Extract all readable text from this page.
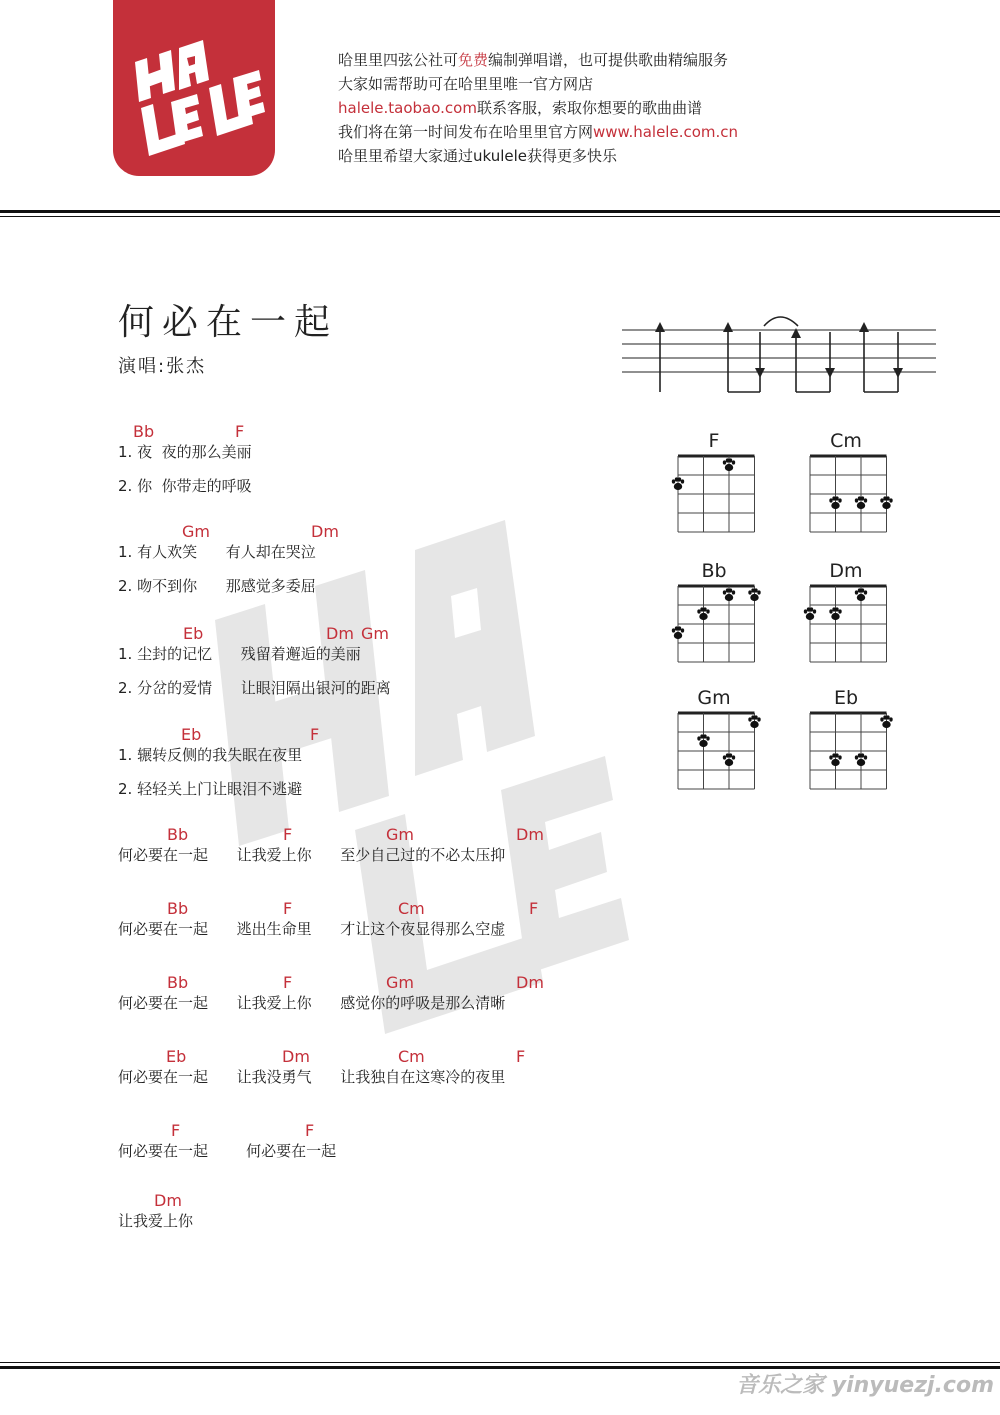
哈里里四弦公社可免费编制弹唱谱，也可提供歌曲精编服务
大家如需帮助可在哈里里唯一官方网店
halele.taobao.com联系客服，索取你想要的歌曲曲谱
我们将在第一时间发布在哈里里官方网www.halele.com.cn
哈里里希望大家通过ukulele获得更多快乐
何必在一起
演唱:张杰
F	Cm
Bb	Dm
Gm	Eb
Bb	F
1. 夜  夜的那么美丽
2. 你  你带走的呼吸
Gm	Dm
1. 有人欢笑      有人却在哭泣
2. 吻不到你      那感觉多委屈
Eb	Dm Gm
1. 尘封的记忆      残留着邂逅的美丽
2. 分岔的爱情      让眼泪隔出银河的距离
Eb	F
1. 辗转反侧的我失眠在夜里
2. 轻轻关上门让眼泪不逃避
Bb	F	Gm	Dm
何必要在一起      让我爱上你      至少自己过的不必太压抑
Bb	F	Cm	F
何必要在一起      逃出生命里      才让这个夜显得那么空虚
Bb	F	Gm	Dm
何必要在一起      让我爱上你      感觉你的呼吸是那么清晰
Eb	Dm	Cm	F
何必要在一起      让我没勇气      让我独自在这寒冷的夜里
F	F
何必要在一起        何必要在一起
Dm
让我爱上你
音乐之家 yinyuezj.com
